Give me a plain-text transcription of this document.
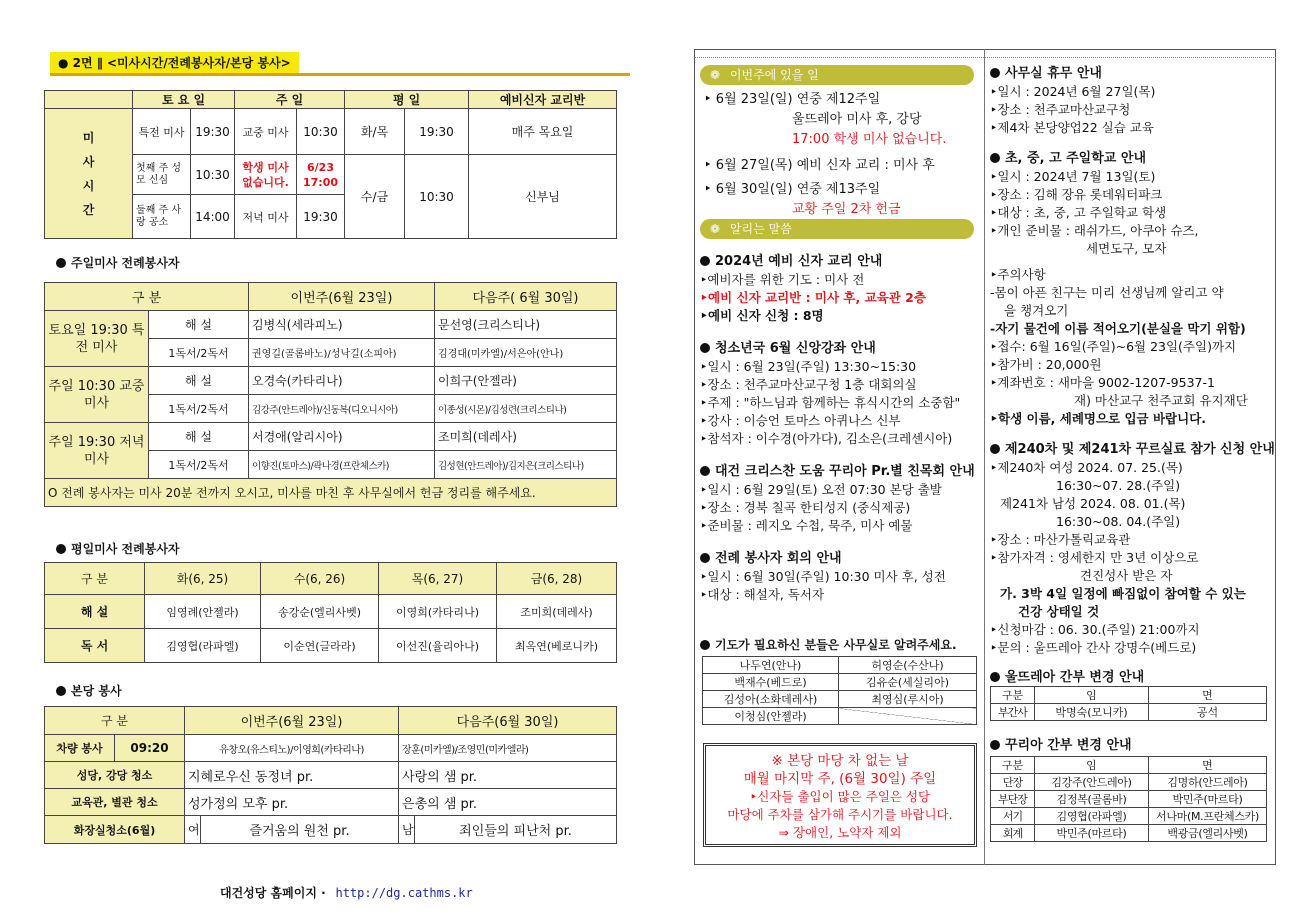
● 2면 ∥ <미사시간/전례봉사자/본당 봉사>
	토 요 일		주 일		평 일		예비신자 교리반

미
사
시
간	특전 미사	19:30	교중 미사	10:30	화/목	19:30	매주 목요일
	첫째 주 성모 신심	10:30	학생 미사 없습니다.	6/23 17:00	수/금	10:30	신부님
	둘째 주 사랑 공소	14:00	저녁 미사	19:30			
주일미사 전례봉사자
구 분		이번주(6월 23일)	다음주( 6월 30일)
토요일 19:30 특전 미사	해 설	김병식(세라피노)	문선영(크리스티나)
	1독서/2독서	권영길(골롬바노)/성낙길(소피아)	김경대(미카엘)/서은아(안나)
주일 10:30 교중 미사	해 설	오경숙(카타리나)	이희구(안젤라)
	1독서/2독서	김강주(안드레아)/신동복(디오니시아)	이종성(시몬)/김성련(크리스티나)
주일 19:30 저녁 미사	해 설	서경애(알리시아)	조미희(데레사)
	1독서/2독서	이향진(토마스)/곽나경(프란체스카)	김성현(안드레아)/김지은(크리스티나)
O 전례 봉사자는 미사 20분 전까지 오시고, 미사를 마친 후 사무실에서 헌금 정리를 해주세요.			
평일미사 전례봉사자
구 분	화(6, 25)	수(6, 26)	목(6, 27)	금(6, 28)
해 설	임영례(안젤라)	송강순(엘리사벳)	이영희(카타리나)	조미희(데레사)
독 서	김영협(라파엘)	이순연(글라라)	이선진(율리아나)	최옥연(베로니카)
본당 봉사
구 분		이번주(6월 23일)		다음주(6월 30일)	
차량 봉사	09:20	유창오(유스티노)/이영희(카타리나)		장훈(미카엘)/조영민(미카엘라)	
성당, 강당 청소		지혜로우신 동정녀 pr.		사랑의 샘 pr.	
교육관, 별관 청소		성가정의 모후 pr.		은총의 샘 pr.	
화장실청소(6월)		여	즐거움의 원천 pr.	남	죄인들의 피난처 pr.
대건성당 홈페이지 · http://dg.cathms.kr
❁ 이번주에 있을 일
‣ 6월 23일(일) 연중 제12주일
울뜨레아 미사 후, 강당
17:00 학생 미사 없습니다.
‣ 6월 27일(목) 예비 신자 교리 : 미사 후
‣ 6월 30일(일) 연중 제13주일
교황 주일 2차 헌금
❁ 알리는 말씀
2024년 예비 신자 교리 안내
‣예비자를 위한 기도 : 미사 전
‣예비 신자 교리반 : 미사 후, 교육관 2층
‣예비 신자 신청 : 8명
청소년국 6월 신앙강좌 안내
‣일시 : 6월 23일(주일) 13:30~15:30
‣장소 : 천주교마산교구청 1층 대회의실
‣주제 : "하느님과 함께하는 휴식시간의 소중함"
‣강사 : 이승언 토마스 아퀴나스 신부
‣참석자 : 이수경(아가다), 김소은(크레센시아)
대건 크리스찬 도움 꾸리아 Pr.별 친목회 안내
‣일시 : 6월 29일(토) 오전 07:30 본당 출발
‣장소 : 경북 칠곡 한티성지 (중식제공)
‣준비물 : 레지오 수첩, 묵주, 미사 예물
전례 봉사자 회의 안내
‣일시 : 6월 30일(주일) 10:30 미사 후, 성전
‣대상 : 해설자, 독서자
기도가 필요하신 분들은 사무실로 알려주세요.
나두연(안나)	허영순(수산나)
백재수(베드로)	김유순(세실리아)
김성아(소화데레사)	최영심(루시아)
이청심(안젤라)	
※ 본당 마당 차 없는 날
매월 마지막 주, (6월 30일) 주일
‣신자들 출입이 많은 주일은 성당
마당에 주차를 삼가해 주시기를 바랍니다.
⇒ 장애인, 노약자 제외
사무실 휴무 안내
‣일시 : 2024년 6월 27일(목)
‣장소 : 천주교마산교구청
‣제4차 본당양업22 실습 교육
초, 중, 고 주일학교 안내
‣일시 : 2024년 7월 13일(토)
‣장소 : 김해 장유 롯데워터파크
‣대상 : 초, 중, 고 주일학교 학생
‣개인 준비물 : 래쉬가드, 아쿠아 슈즈,
세면도구, 모자
‣주의사항
-몸이 아픈 친구는 미리 선생님께 알리고 약
을 챙겨오기
-자기 물건에 이름 적어오기(분실을 막기 위함)
‣접수: 6월 16일(주일)~6월 23일(주일)까지
‣참가비 : 20,000원
‣계좌번호 : 새마을 9002-1207-9537-1
재) 마산교구 천주교회 유지재단
‣학생 이름, 세례명으로 입금 바랍니다.
제240차 및 제241차 꾸르실료 참가 신청 안내
‣제240차 여성 2024. 07. 25.(목)
16:30~07. 28.(주일)
제241차 남성 2024. 08. 01.(목)
16:30~08. 04.(주일)
‣장소 : 마산가톨릭교육관
‣참가자격 : 영세한지 만 3년 이상으로
견진성사 받은 자
가. 3박 4일 일정에 빠짐없이 참여할 수 있는
건강 상태일 것
‣신청마감 : 06. 30.(주일) 21:00까지
‣문의 : 울뜨레아 간사 강명수(베드로)
울뜨레아 간부 변경 안내
구분	임	면
부간사	박명숙(모니카)	공석
꾸리아 간부 변경 안내
구분	임	면
단장	김강주(안드레아)	김명하(안드레아)
부단장	김정복(골롬바)	박민주(마르타)
서기	김영협(라파엘)	서나마(M.프란체스카)
회계	박민주(마르타)	백광금(엘리사벳)
